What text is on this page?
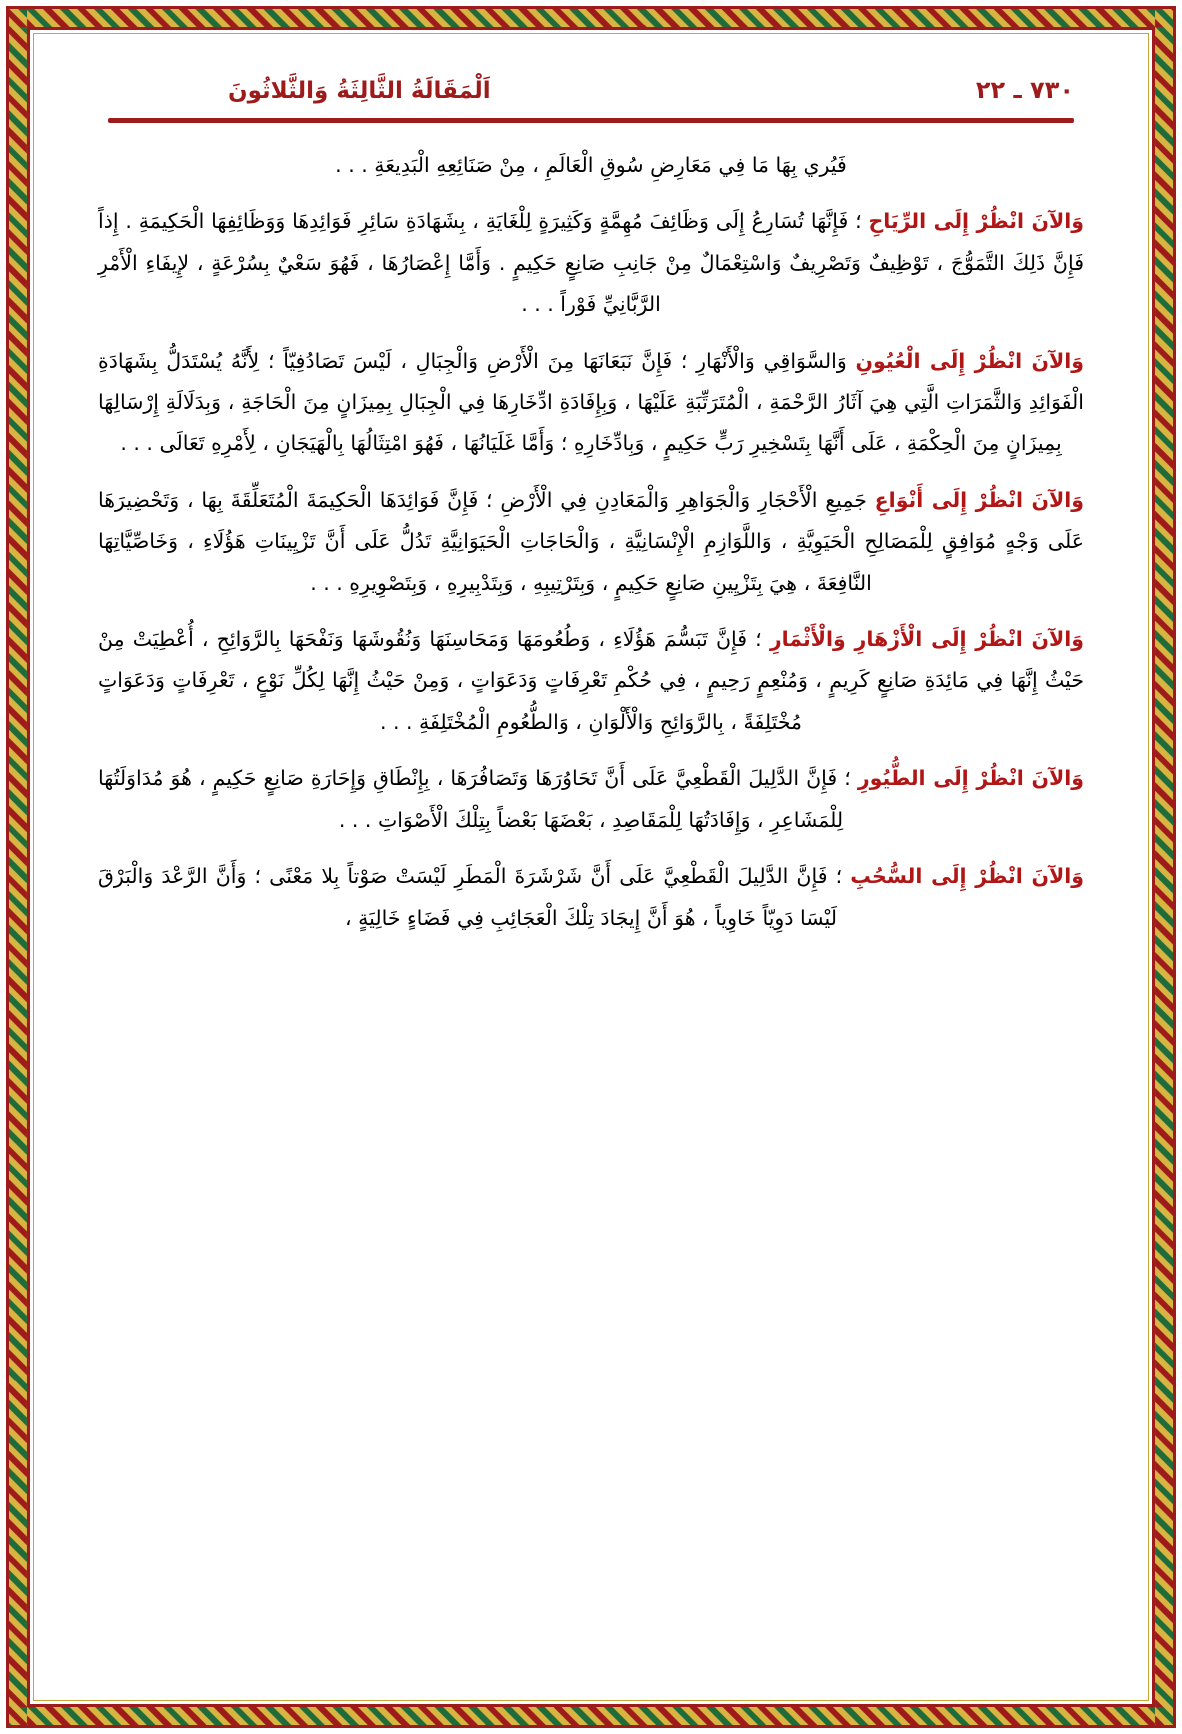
٧٣٠ ـ ٢٢
اَلْمَقَالَةُ الثَّالِثَةُ وَالثَّلاثُونَ

فَيُري بِهَا مَا فِي مَعَارِضِ سُوقِ الْعَالَمِ ، مِنْ صَنَائِعِهِ الْبَدِيعَةِ . . .

وَالآنَ انْظُرْ إِلَى الرِّيَاحِ ؛ فَإِنَّهَا تُسَارِعُ إِلَى وَظَائِفَ مُهِمَّةٍ وَكَثِيرَةٍ لِلْغَايَةِ ، بِشَهَادَةِ سَائِرِ فَوَائِدِهَا وَوَظَائِفِهَا الْحَكِيمَةِ . إِذاً فَإِنَّ ذَلِكَ التَّمَوُّجَ ، تَوْظِيفٌ وَتَصْرِيفٌ وَاسْتِعْمَالٌ مِنْ جَانِبِ صَانِعٍ حَكِيمٍ . وَأَمَّا إِعْصَارُهَا ، فَهُوَ سَعْيٌ بِسُرْعَةٍ ، لإِيفَاءِ الْأَمْرِ الرَّبَّانِيِّ فَوْراً . . .

وَالآنَ انْظُرْ إِلَى الْعُيُونِ وَالسَّوَاقِي وَالْأَنْهَارِ ؛ فَإِنَّ نَبَعَانَهَا مِنَ الْأَرْضِ وَالْجِبَالِ ، لَيْسَ تَصَادُفِيّاً ؛ لِأَنَّهُ يُسْتَدَلُّ بِشَهَادَةِ الْفَوَائِدِ وَالثَّمَرَاتِ الَّتِي هِيَ آثَارُ الرَّحْمَةِ ، الْمُتَرَتِّبَةِ عَلَيْهَا ، وَبِإِفَادَةِ ادِّخَارِهَا فِي الْجِبَالِ بِمِيزَانٍ مِنَ الْحَاجَةِ ، وَبِدَلَالَةِ إِرْسَالِهَا بِمِيزَانٍ مِنَ الْحِكْمَةِ ، عَلَى أَنَّهَا بِتَسْخِيرِ رَبٍّ حَكِيمٍ ، وَبِادِّخَارِهِ ؛ وَأَمَّا غَلَيَانُهَا ، فَهُوَ امْتِثَالُهَا بِالْهَيَجَانِ ، لِأَمْرِهِ تَعَالَى . . .

وَالآنَ انْظُرْ إِلَى أَنْوَاعِ جَمِيعِ الْأَحْجَارِ وَالْجَوَاهِرِ وَالْمَعَادِنِ فِي الْأَرْضِ ؛ فَإِنَّ فَوَائِدَهَا الْحَكِيمَةَ الْمُتَعَلِّقَةَ بِهَا ، وَتَحْضِيرَهَا عَلَى وَجْهٍ مُوَافِقٍ لِلْمَصَالِحِ الْحَيَوِيَّةِ ، وَاللَّوَازِمِ الْإِنْسَانِيَّةِ ، وَالْحَاجَاتِ الْحَيَوَانِيَّةِ تَدُلُّ عَلَى أَنَّ تَزْيِينَاتِ هَؤُلَاءِ ، وَخَاصِّيَّاتِهَا النَّافِعَةَ ، هِيَ بِتَزْيِينِ صَانِعٍ حَكِيمٍ ، وَبِتَرْتِيبِهِ ، وَبِتَدْبِيرِهِ ، وَبِتَصْوِيرِهِ . . .

وَالآنَ انْظُرْ إِلَى الْأَزْهَارِ وَالْأَثْمَارِ ؛ فَإِنَّ تَبَسُّمَ هَؤُلَاءِ ، وَطُعُومَهَا وَمَحَاسِنَهَا وَنُقُوشَهَا وَنَفْحَهَا بِالرَّوَائِحِ ، أُعْطِيَتْ مِنْ حَيْثُ إِنَّهَا فِي مَائِدَةِ صَانِعٍ كَرِيمٍ ، وَمُنْعِمٍ رَحِيمٍ ، فِي حُكْمِ تَعْرِفَاتٍ وَدَعَوَاتٍ ، وَمِنْ حَيْثُ إِنَّهَا لِكُلِّ نَوْعٍ ، تَعْرِفَاتٍ وَدَعَوَاتٍ مُخْتَلِفَةً ، بِالرَّوَائِحِ وَالْأَلْوَانِ ، وَالطُّعُومِ الْمُخْتَلِفَةِ . . .

وَالآنَ انْظُرْ إِلَى الطُّيُورِ ؛ فَإِنَّ الدَّلِيلَ الْقَطْعِيَّ عَلَى أَنَّ تَحَاوُرَهَا وَتَصَافُرَهَا ، بِإِنْطَاقِ وَإِحَارَةِ صَانِعٍ حَكِيمٍ ، هُوَ مُدَاوَلَتُهَا لِلْمَشَاعِرِ ، وَإِفَادَتُهَا لِلْمَقَاصِدِ ، بَعْضَهَا بَعْضاً بِتِلْكَ الْأَصْوَاتِ . . .

وَالآنَ انْظُرْ إِلَى السُّحُبِ ؛ فَإِنَّ الدَّلِيلَ الْقَطْعِيَّ عَلَى أَنَّ شَرْشَرَةَ الْمَطَرِ لَيْسَتْ صَوْتاً بِلا مَعْنًى ؛ وَأَنَّ الرَّعْدَ وَالْبَرْقَ لَيْسَا دَوِيّاً خَاوِياً ، هُوَ أَنَّ إِيجَادَ تِلْكَ الْعَجَائِبِ فِي فَضَاءٍ خَالِيَةٍ ،
